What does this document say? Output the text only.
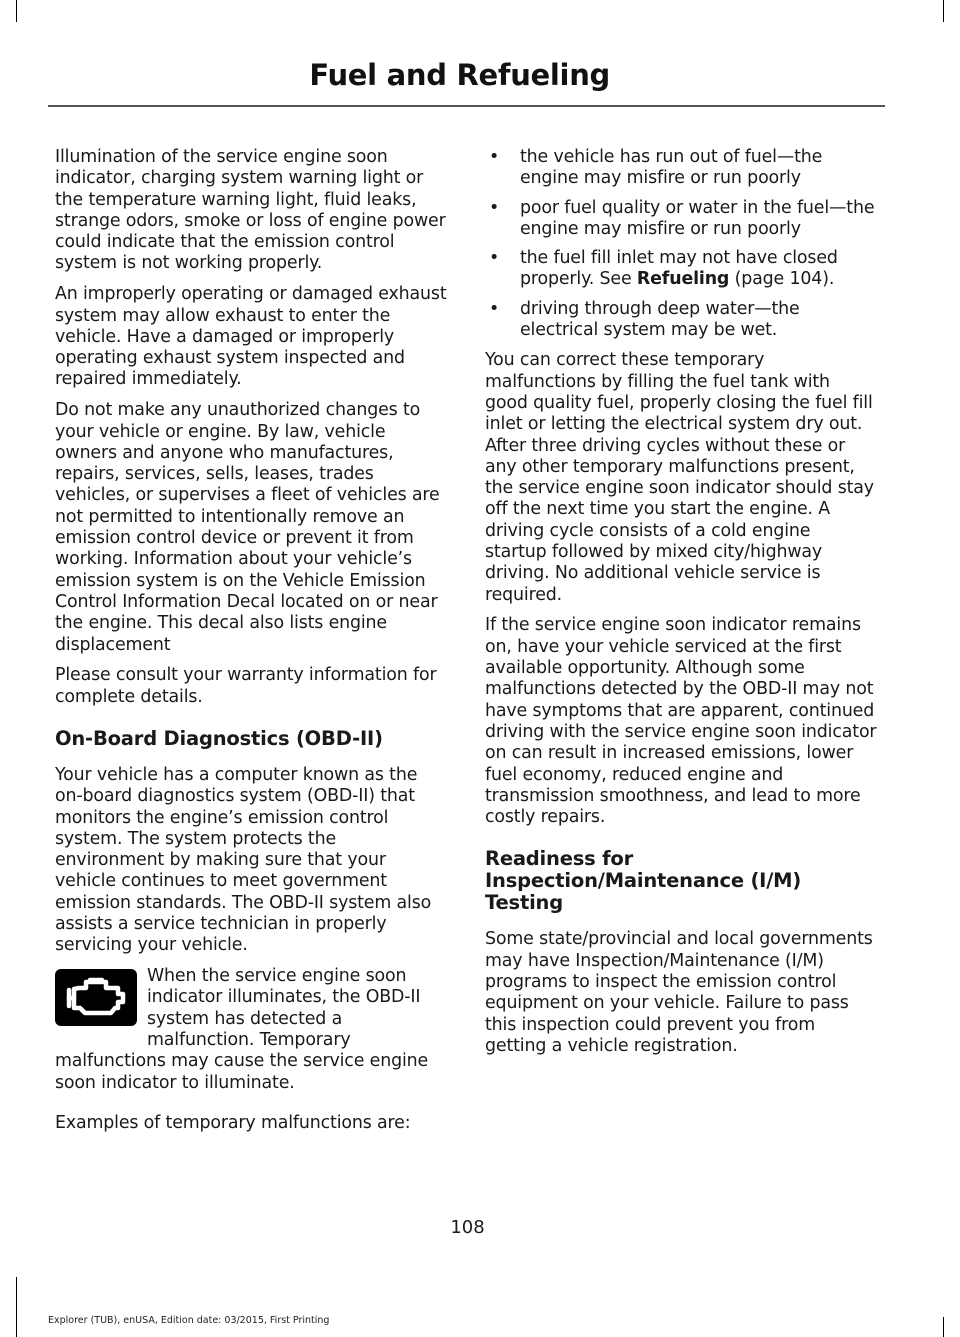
Fuel and Refueling

Illumination of the service engine soon indicator, charging system warning light or the temperature warning light, fluid leaks, strange odors, smoke or loss of engine power could indicate that the emission control system is not working properly.

An improperly operating or damaged exhaust system may allow exhaust to enter the vehicle. Have a damaged or improperly operating exhaust system inspected and repaired immediately.

Do not make any unauthorized changes to your vehicle or engine. By law, vehicle owners and anyone who manufactures, repairs, services, sells, leases, trades vehicles, or supervises a fleet of vehicles are not permitted to intentionally remove an emission control device or prevent it from working. Information about your vehicle’s emission system is on the Vehicle Emission Control Information Decal located on or near the engine. This decal also lists engine displacement

Please consult your warranty information for complete details.

On-Board Diagnostics (OBD-II)

Your vehicle has a computer known as the on-board diagnostics system (OBD-II) that monitors the engine’s emission control system. The system protects the environment by making sure that your vehicle continues to meet government emission standards. The OBD-II system also assists a service technician in properly servicing your vehicle.

When the service engine soon indicator illuminates, the OBD-II system has detected a malfunction. Temporary malfunctions may cause the service engine soon indicator to illuminate.

Examples of temporary malfunctions are:

• the vehicle has run out of fuel—the engine may misfire or run poorly
• poor fuel quality or water in the fuel—the engine may misfire or run poorly
• the fuel fill inlet may not have closed properly. See Refueling (page 104).
• driving through deep water—the electrical system may be wet.

You can correct these temporary malfunctions by filling the fuel tank with good quality fuel, properly closing the fuel fill inlet or letting the electrical system dry out. After three driving cycles without these or any other temporary malfunctions present, the service engine soon indicator should stay off the next time you start the engine. A driving cycle consists of a cold engine startup followed by mixed city/highway driving. No additional vehicle service is required.

If the service engine soon indicator remains on, have your vehicle serviced at the first available opportunity. Although some malfunctions detected by the OBD-II may not have symptoms that are apparent, continued driving with the service engine soon indicator on can result in increased emissions, lower fuel economy, reduced engine and transmission smoothness, and lead to more costly repairs.

Readiness for Inspection/Maintenance (I/M) Testing

Some state/provincial and local governments may have Inspection/Maintenance (I/M) programs to inspect the emission control equipment on your vehicle. Failure to pass this inspection could prevent you from getting a vehicle registration.

108
Explorer (TUB), enUSA, Edition date: 03/2015, First Printing
